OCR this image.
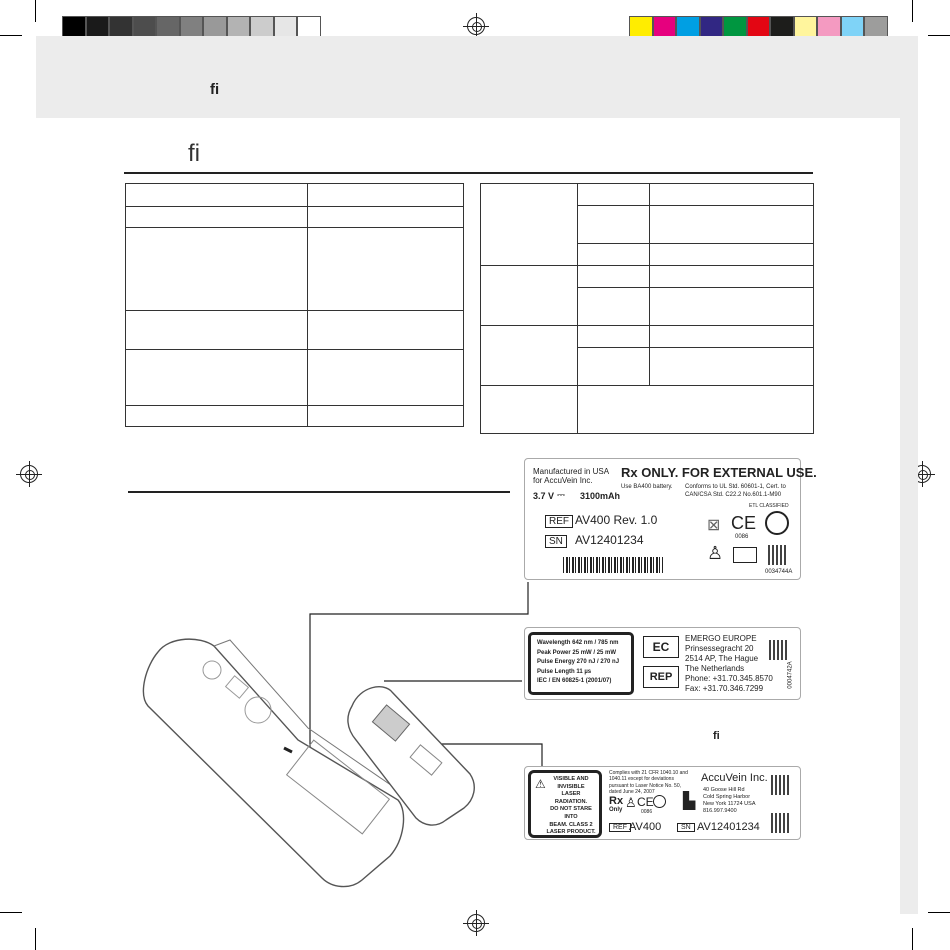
ﬁ
ﬁ

Manufactured in USA
for AccuVein Inc.
Rx ONLY. FOR EXTERNAL USE.
Use BA400 battery.
3.7 V ⎓ 3100mAh
Conforms to UL Std. 60601-1, Cert. to
CAN/CSA Std. C22.2 No.601.1-M90
ETL CLASSIFIED
REF AV400 Rev. 1.0
SN	AV12401234
⊠ CE
0086
♙
0034744A
Wavelength 642 nm / 785 nm
Peak Power 25 mW / 25 mW
Pulse Energy 270 nJ / 270 nJ
Pulse Length 11 µs
IEC / EN 60825-1 (2001/07)
EC
REP
EMERGO EUROPE
Prinsessegracht 20
2514 AP, The Hague
The Netherlands
Phone: +31.70.345.8570
Fax: +31.70.346.7299	0004742A
⚠	VISIBLE AND
INVISIBLE
LASER
RADIATION.
DO NOT STARE INTO
BEAM. CLASS 2
LASER PRODUCT.
Complies with 21 CFR 1040.10 and
1040.11 except for deviations
pursuant to Laser Notice No. 50,
dated June 24, 2007
Rx
Only ♙ CE
0086
AccuVein Inc.
▙
40 Goose Hill Rd
Cold Spring Harbor
New York 11724 USA
816.997.9400
REF AV400	SN AV12401234
ﬁ
